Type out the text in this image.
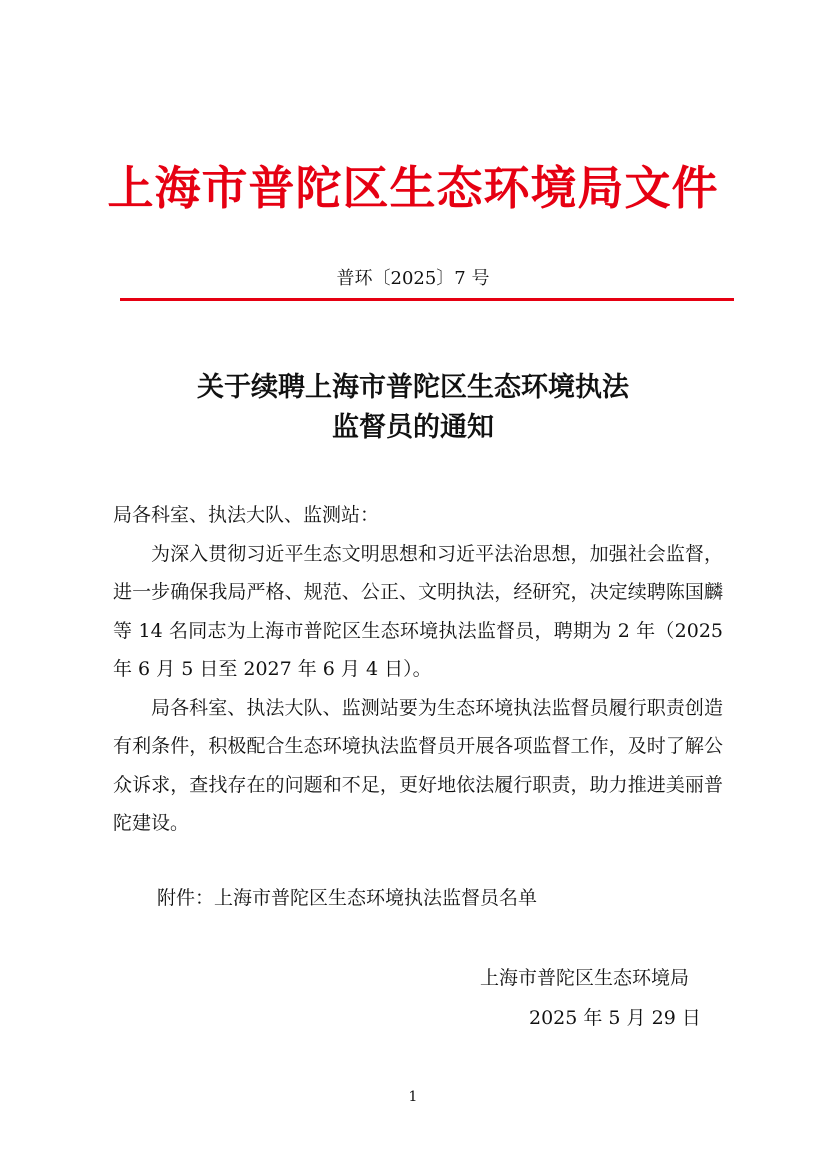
上海市普陀区生态环境局文件
普环〔2025〕7 号
关于续聘上海市普陀区生态环境执法
监督员的通知

局各科室、执法大队、监测站：

为深入贯彻习近平生态文明思想和习近平法治思想，加强社会监督，进一步确保我局严格、规范、公正、文明执法，经研究，决定续聘陈国麟等 14 名同志为上海市普陀区生态环境执法监督员，聘期为 2 年（2025 年 6 月 5 日至 2027 年 6 月 4 日）。

局各科室、执法大队、监测站要为生态环境执法监督员履行职责创造有利条件，积极配合生态环境执法监督员开展各项监督工作，及时了解公众诉求，查找存在的问题和不足，更好地依法履行职责，助力推进美丽普陀建设。

附件：上海市普陀区生态环境执法监督员名单
上海市普陀区生态环境局
2025 年 5 月 29 日
1
